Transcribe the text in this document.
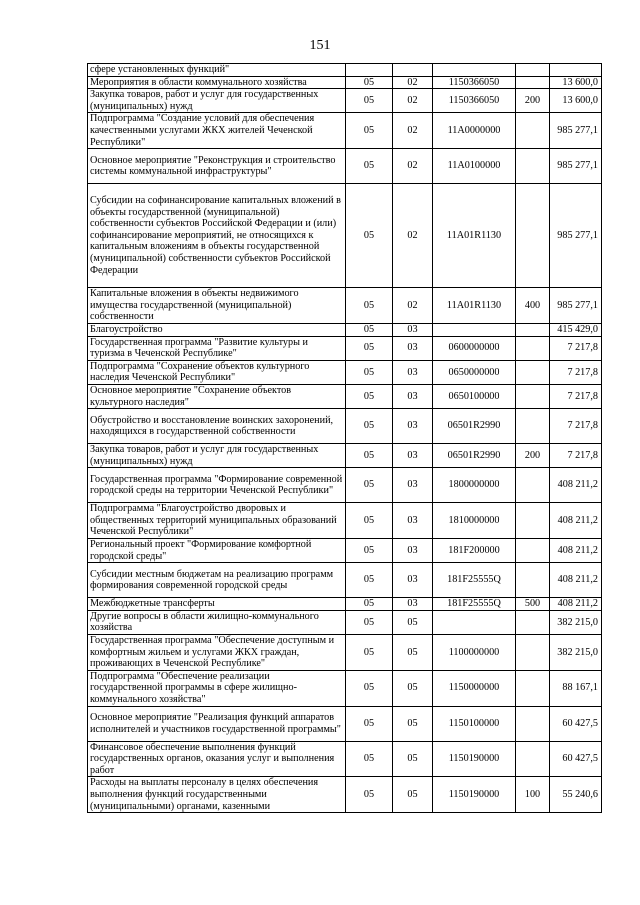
151
сфере установленных функций"					
Мероприятия в области коммунального хозяйства	05	02	1150366050		13 600,0
Закупка товаров, работ и услуг для государственных (муниципальных) нужд	05	02	1150366050	200	13 600,0
Подпрограмма "Создание условий для обеспечения качественными услугами ЖКХ жителей Чеченской Республики"	05	02	11А0000000		985 277,1
Основное мероприятие "Реконструкция и строительство системы коммунальной инфраструктуры"	05	02	11А0100000		985 277,1
Субсидии на софинансирование капитальных вложений в объекты государственной (муниципальной) собственности субъектов Российской Федерации и (или) софинансирование мероприятий, не относящихся к капитальным вложениям в объекты государственной (муниципальной) собственности субъектов Российской Федерации	05	02	11А01R1130		985 277,1
Капитальные вложения в объекты недвижимого имущества государственной (муниципальной) собственности	05	02	11А01R1130	400	985 277,1
Благоустройство	05	03			415 429,0
Государственная программа "Развитие культуры и туризма в Чеченской Республике"	05	03	0600000000		7 217,8
Подпрограмма "Сохранение объектов культурного наследия Чеченской Республики"	05	03	0650000000		7 217,8
Основное мероприятие "Сохранение объектов культурного наследия"	05	03	0650100000		7 217,8
Обустройство и восстановление воинских захоронений, находящихся в государственной собственности	05	03	06501R2990		7 217,8
Закупка товаров, работ и услуг для государственных (муниципальных) нужд	05	03	06501R2990	200	7 217,8
Государственная программа "Формирование современной городской среды на территории Чеченской Республики"	05	03	1800000000		408 211,2
Подпрограмма "Благоустройство дворовых и общественных территорий муниципальных образований Чеченской Республики"	05	03	1810000000		408 211,2
Региональный проект "Формирование комфортной городской среды"	05	03	181F200000		408 211,2
Субсидии местным бюджетам на реализацию программ формирования современной городской среды	05	03	181F25555Q		408 211,2
Межбюджетные трансферты	05	03	181F25555Q	500	408 211,2
Другие вопросы в области жилищно-коммунального хозяйства	05	05			382 215,0
Государственная программа "Обеспечение доступным и комфортным жильем и услугами ЖКХ граждан, проживающих в Чеченской Республике"	05	05	1100000000		382 215,0
Подпрограмма "Обеспечение реализации государственной программы в сфере жилищно-коммунального хозяйства"	05	05	1150000000		88 167,1
Основное мероприятие "Реализация функций аппаратов исполнителей и участников государственной программы"	05	05	1150100000		60 427,5
Финансовое обеспечение выполнения функций государственных органов, оказания услуг и выполнения работ	05	05	1150190000		60 427,5
Расходы на выплаты персоналу в целях обеспечения выполнения функций государственными (муниципальными) органами, казенными	05	05	1150190000	100	55 240,6
